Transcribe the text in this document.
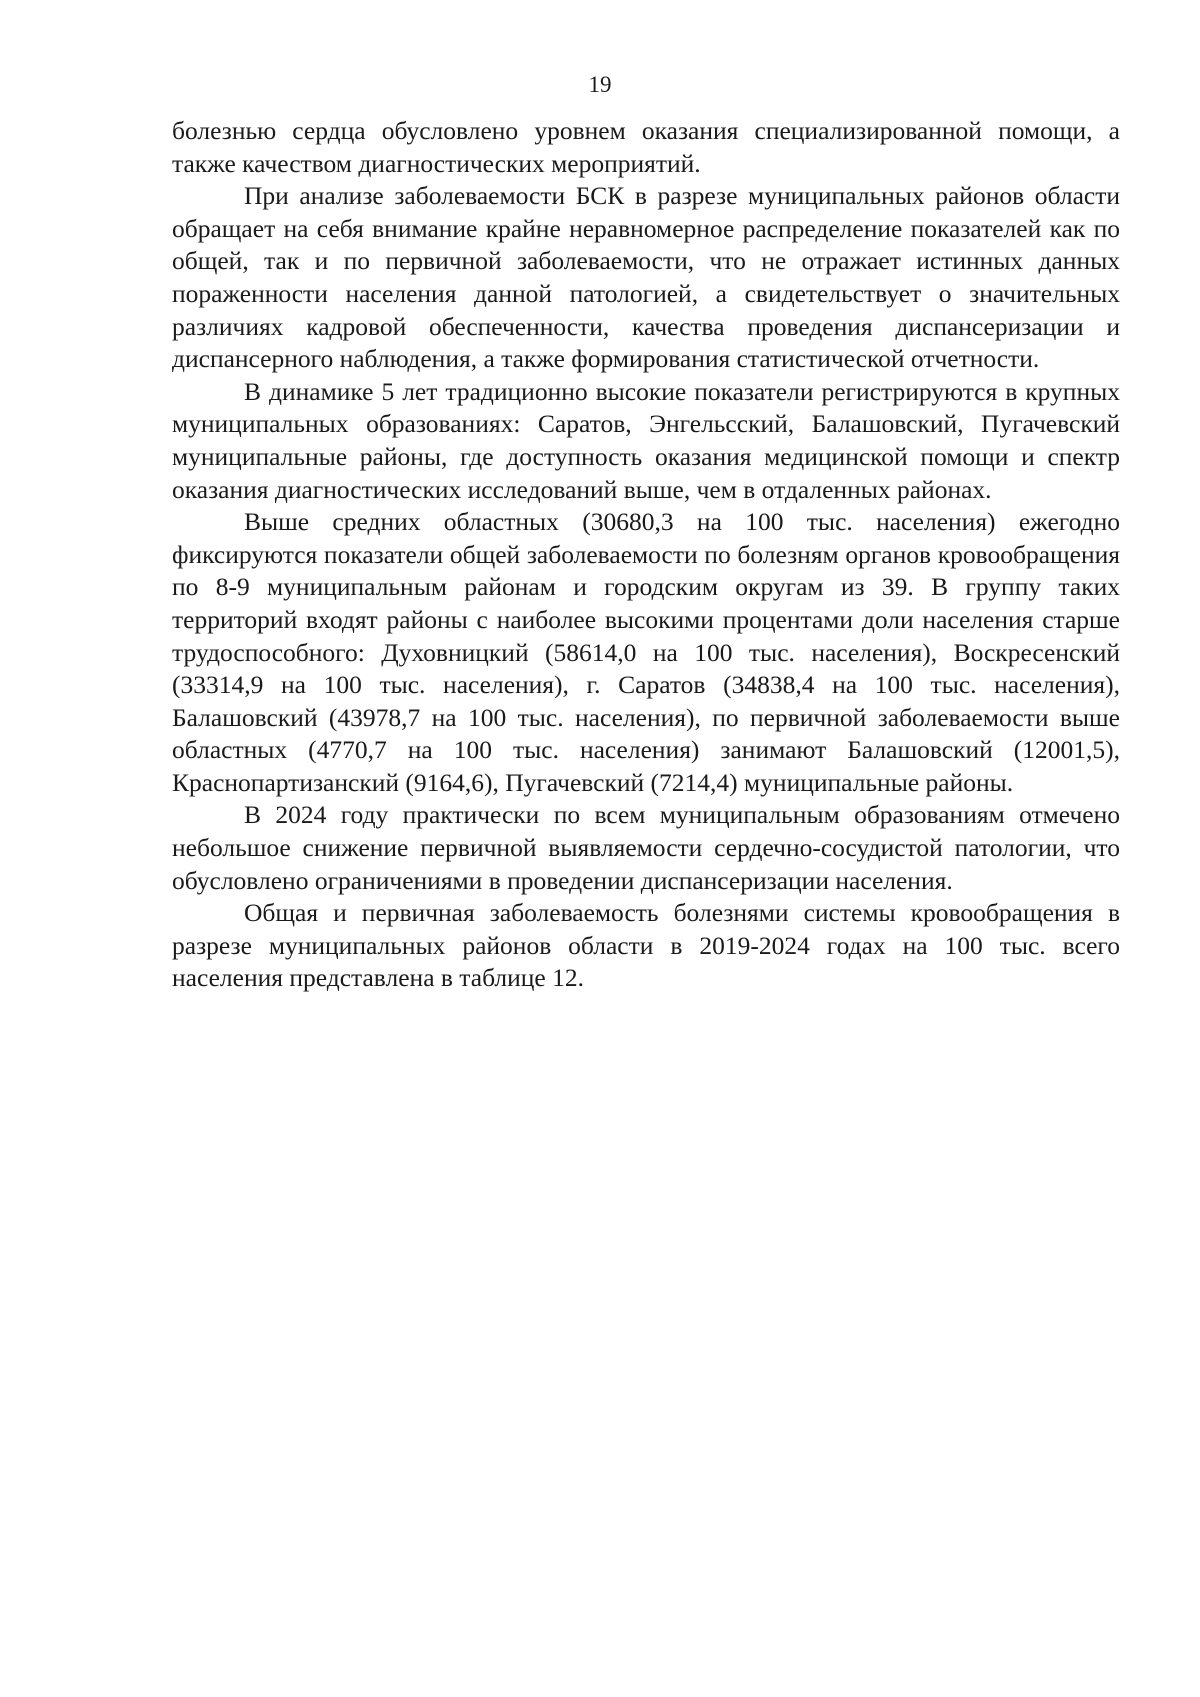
19

болезнью сердца обусловлено уровнем оказания специализированной помощи, а также качеством диагностических мероприятий.

При анализе заболеваемости БСК в разрезе муниципальных районов области обращает на себя внимание крайне неравномерное распределение показателей как по общей, так и по первичной заболеваемости, что не отражает истинных данных пораженности населения данной патологией, а свидетельствует о значительных различиях кадровой обеспеченности, качества проведения диспансеризации и диспансерного наблюдения, а также формирования статистической отчетности.

В динамике 5 лет традиционно высокие показатели регистрируются в крупных муниципальных образованиях: Саратов, Энгельсский, Балашовский, Пугачевский муниципальные районы, где доступность оказания медицинской помощи и спектр оказания диагностических исследований выше, чем в отдаленных районах.

Выше средних областных (30680,3 на 100 тыс. населения) ежегодно фиксируются показатели общей заболеваемости по болезням органов кровообращения по 8-9 муниципальным районам и городским округам из 39. В группу таких территорий входят районы с наиболее высокими процентами доли населения старше трудоспособного: Духовницкий (58614,0 на 100 тыс. населения), Воскресенский (33314,9 на 100 тыс. населения), г. Саратов (34838,4 на 100 тыс. населения), Балашовский (43978,7 на 100 тыс. населения), по первичной заболеваемости выше областных (4770,7 на 100 тыс. населения) занимают Балашовский (12001,5), Краснопартизанский (9164,6), Пугачевский (7214,4) муниципальные районы.

В 2024 году практически по всем муниципальным образованиям отмечено небольшое снижение первичной выявляемости сердечно-сосудистой патологии, что обусловлено ограничениями в проведении диспансеризации населения.

Общая и первичная заболеваемость болезнями системы кровообращения в разрезе муниципальных районов области в 2019-2024 годах на 100 тыс. всего населения представлена в таблице 12.
